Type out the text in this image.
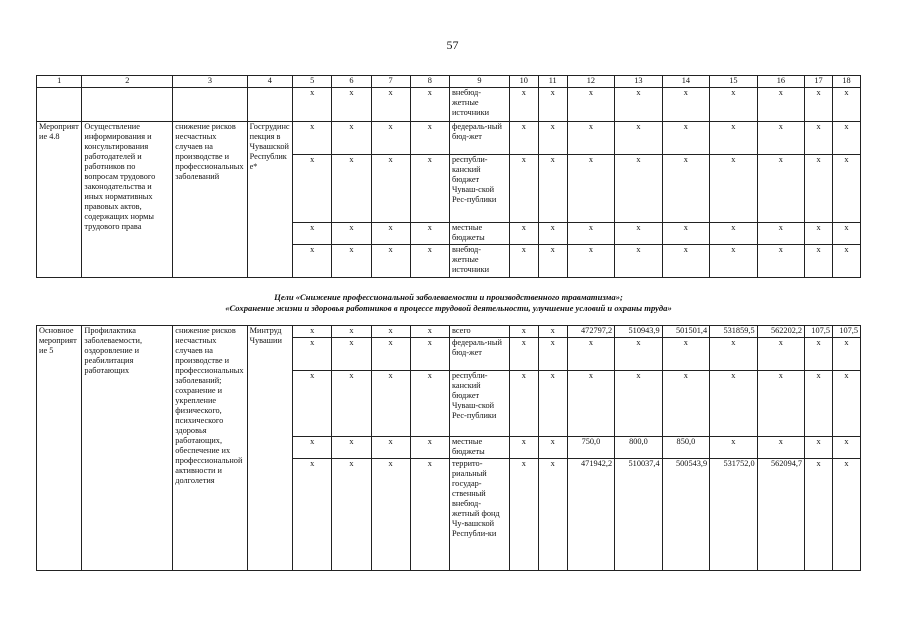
57
1	2	3	4	5	6	7	8	9	10	11	12	13	14	15	16	17	18
				x	x	x	x	внебюд-жетные источники	x	x	x	x	x	x	x	x	x
Мероприятие 4.8	Осуществление информирования и консультирования работодателей и работников по вопросам трудового законодательства и иных нормативных правовых актов, содержащих нормы трудового права	снижение рисков несчастных случаев на производстве и профессиональных заболеваний	Госгрудинспекция в Чувашской Республике*	x	x	x	x	федераль-ный бюд-жет	x	x	x	x	x	x	x	x	x
				x	x	x	x	республи-канский бюджет Чуваш-ской Рес-публики	x	x	x	x	x	x	x	x	x
				x	x	x	x	местные бюджеты	x	x	x	x	x	x	x	x	x
				x	x	x	x	внебюд-жетные источники	x	x	x	x	x	x	x	x	x
Цели «Снижение профессиональной заболеваемости и производственного травматизма»;
«Сохранение жизни и здоровья работников в процессе трудовой деятельности, улучшение условий и охраны труда»
Основное мероприятие 5	Профилактика заболеваемости, оздоровление и реабилитация работающих	снижение рисков несчастных случаев на производстве и профессиональных заболеваний; сохранение и укрепление физического, психического здоровья работающих, обеспечение их профессиональной активности и долголетия	Минтруд Чувашии	x	x	x	x	всего	x	x	472797,2	510943,9	501501,4	531859,5	562202,2	107,5	107,5
				x	x	x	x	федераль-ный бюд-жет	x	x	x	x	x	x	x	x	x
				x	x	x	x	республи-канский бюджет Чуваш-ской Рес-публики	x	x	x	x	x	x	x	x	x
				x	x	x	x	местные бюджеты	x	x	750,0	800,0	850,0	x	x	x	x
				x	x	x	x	террито-риальный государ-ственный внебюд-жетный фонд Чу-вашской Республи-ки	x	x	471942,2	510037,4	500543,9	531752,0	562094,7	x	x
